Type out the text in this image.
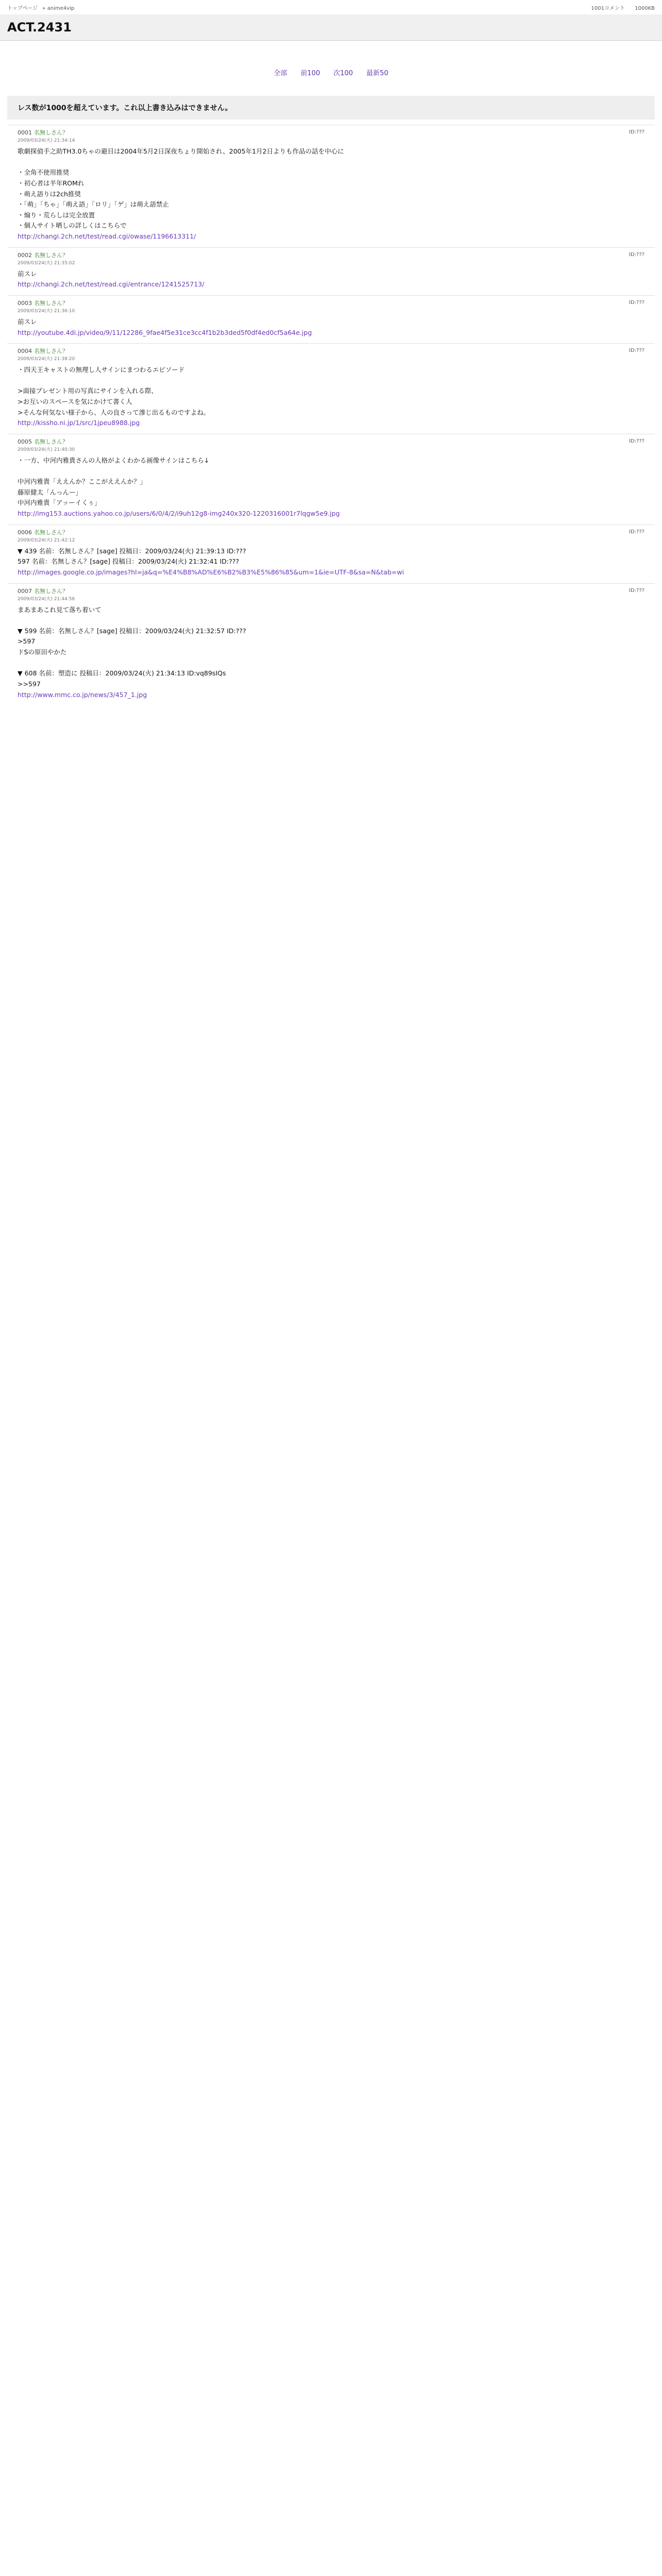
トップページ » anime4vip	1001コメント 1000KB
ACT.2431
全部 前100 次100 最新50
レス数が1000を超えています。これ以上書き込みはできません。
0001 名無しさん？
2009/03/24(火) 21:34:14
ID:???
歌劇探偵手之助TH3.0ちゃの避目は2004年5月2日深夜ちょり開始され、2005年1月2日よりも作品の話を中心に

・全角不使用推奨
・初心者は半年ROMれ
・萌え語りは2ch推奨
・「萌」「ちゃ」「萌え語」「ロリ」「ゲ」は萌え語禁止
・煽り・荒らしは完全放置
・個人サイト晒しの詳しくはこちらで
http://changi.2ch.net/test/read.cgi/owase/1196613311/
0002 名無しさん？
2009/03/24(火) 21:35:02
ID:???
前スレ
http://changi.2ch.net/test/read.cgi/entrance/1241525713/
0003 名無しさん？
2009/03/24(火) 21:36:10
ID:???
前スレ
http://youtube.4di.jp/video/9/11/12286_9fae4f5e31ce3cc4f1b2b3ded5f0df4ed0cf5a64e.jpg
0004 名無しさん？
2009/03/24(火) 21:38:20
ID:???
・四天王キャストの無理し人サインにまつわるエピソード

>面接プレゼント用の写真にサインを入れる際、
>お互いのスペースを気にかけて書く人
>そんな何気ない様子から、人の良さって滲じ出るものですよね。
http://kissho.ni.jp/1/src/1jpeu8988.jpg
0005 名無しさん？
2009/03/24(火) 21:40:30
ID:???
・一方、中河内雅貴さんの人格がよくわかる画像サインはこちら↓

中河内雅貴「ええんか？ここがええんか？」
藤原健太「んっんー」
中河内雅貴「アッーイくぅ」
http://img153.auctions.yahoo.co.jp/users/6/0/4/2/i9uh12g8-img240x320-1220316001r7lqgw5e9.jpg
0006 名無しさん？
2009/03/24(火) 21:42:12
ID:???
▼ 439 名前：名無しさん？[sage] 投稿日：2009/03/24(火) 21:39:13 ID:???
597 名前：名無しさん？[sage] 投稿日：2009/03/24(火) 21:32:41 ID:???
http://images.google.co.jp/images?hl=ja&q=%E4%B8%AD%E6%B2%B3%E5%86%85&um=1&ie=UTF-8&sa=N&tab=wi
0007 名無しさん？
2009/03/24(火) 21:44:56
ID:???
まあまあこれ見て落ち着いて

▼ 599 名前：名無しさん？[sage] 投稿日：2009/03/24(火) 21:32:57 ID:???
>597
ドSの原田やかた

▼ 608 名前：塑造に 投稿日：2009/03/24(火) 21:34:13 ID:vq89sIQs
>>597
http://www.mmc.co.jp/news/3/457_1.jpg
